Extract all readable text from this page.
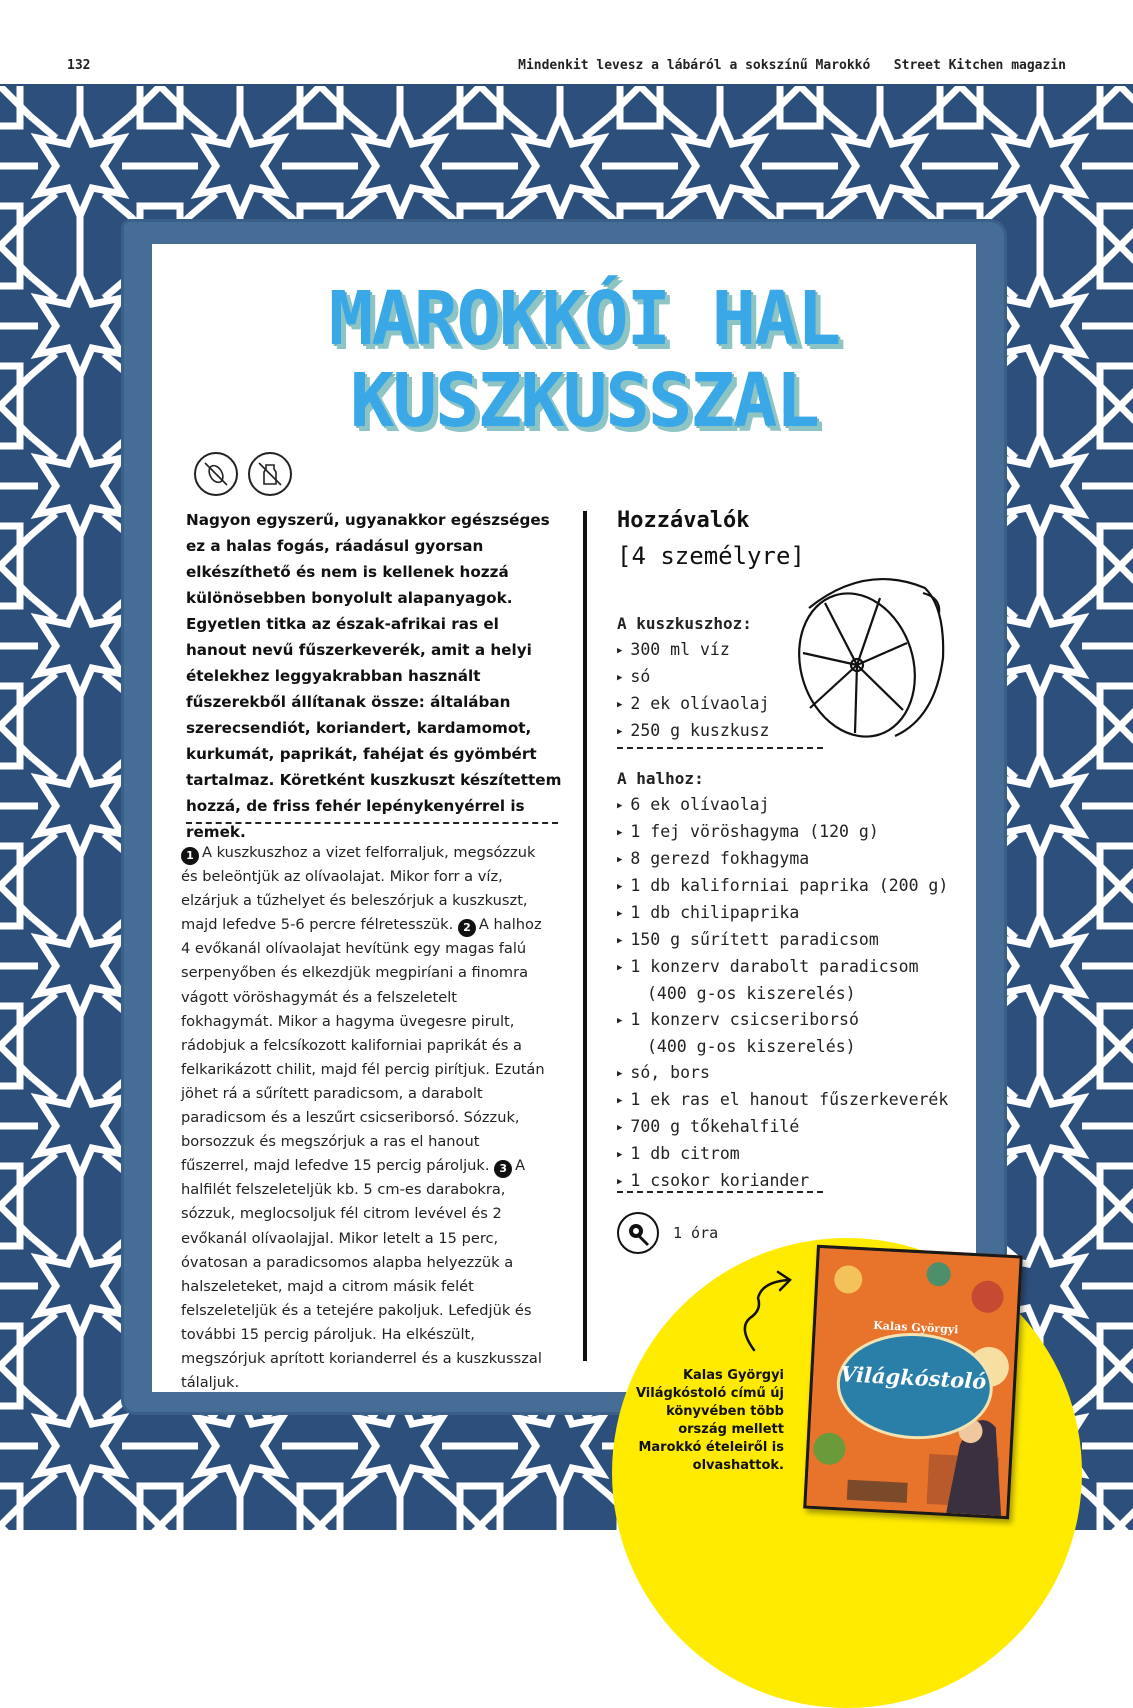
132	Mindenkit levesz a lábáról a sokszínű Marokkó   Street Kitchen magazin
MAROKKÓI HAL
KUSZKUSSZAL
Nagyon egyszerű, ugyanakkor egészséges ez a halas fogás, ráadásul gyorsan elkészíthető és nem is kellenek hozzá különösebben bonyolult alapanyagok. Egyetlen titka az észak-afrikai ras el hanout nevű fűszerkeverék, amit a helyi ételekhez leggyakrabban használt fűszerekből állítanak össze: általában szerecsendiót, koriandert, kardamomot, kurkumát, paprikát, fahéjat és gyömbért tartalmaz. Köretként kuszkuszt készítettem hozzá, de friss fehér lepénykenyérrel is remek.
1 A kuszkuszhoz a vizet felforraljuk, megsózzuk és beleöntjük az olívaolajat. Mikor forr a víz, elzárjuk a tűzhelyet és beleszórjuk a kuszkuszt, majd lefedve 5-6 percre félretesszük. 2 A halhoz 4 evőkanál olívaolajat hevítünk egy magas falú serpenyőben és elkezdjük megpiríani a finomra vágott vöröshagymát és a felszeletelt fokhagymát. Mikor a hagyma üvegesre pirult, rádobjuk a felcsíkozott kaliforniai paprikát és a felkarikázott chilit, majd fél percig pirítjuk. Ezután jöhet rá a sűrített paradicsom, a darabolt paradicsom és a leszűrt csicseriborsó. Sózzuk, borsozzuk és megszórjuk a ras el hanout fűszerrel, majd lefedve 15 percig pároljuk. 3 A halfilét felszeleteljük kb. 5 cm-es darabokra, sózzuk, meglocsoljuk fél citrom levével és 2 evőkanál olívaolajjal. Mikor letelt a 15 perc, óvatosan a paradicsomos alapba helyezzük a halszeleteket, majd a citrom másik felét felszeleteljük és a tetejére pakoljuk. Lefedjük és további 15 percig pároljuk. Ha elkészült, megszórjuk aprított korianderrel és a kuszkusszal tálaljuk.
Hozzávalók
[4 személyre]
A kuszkuszhoz:
▶ 300 ml víz
▶ só
▶ 2 ek olívaolaj
▶ 250 g kuszkusz
A halhoz:
▶ 6 ek olívaolaj
▶ 1 fej vöröshagyma (120 g)
▶ 8 gerezd fokhagyma
▶ 1 db kaliforniai paprika (200 g)
▶ 1 db chilipaprika
▶ 150 g sűrített paradicsom
▶ 1 konzerv darabolt paradicsom
(400 g-os kiszerelés)
▶ 1 konzerv csicseriborsó
(400 g-os kiszerelés)
▶ só, bors
▶ 1 ek ras el hanout fűszerkeverék
▶ 700 g tőkehalfilé
▶ 1 db citrom
▶ 1 csokor koriander
1 óra
Kalas Györgyi Világkóstoló című új könyvében több ország mellett Marokkó ételeiről is olvashattok.
Kalas Györgyi
Világkóstoló
